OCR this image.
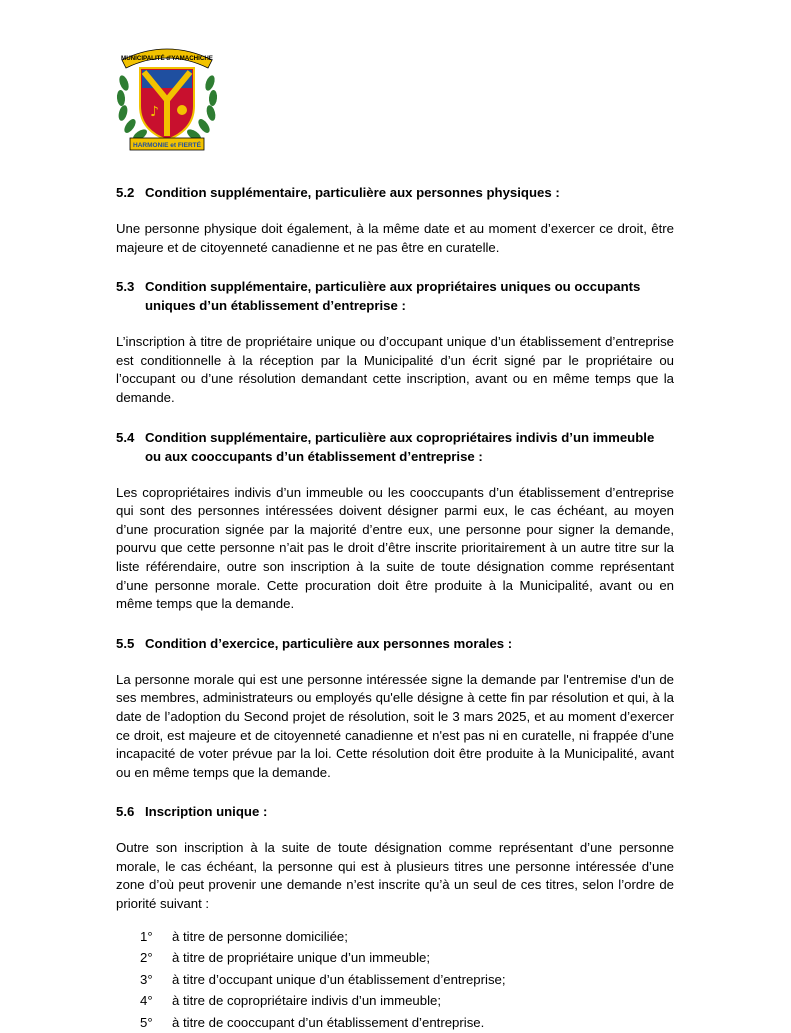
MUNICIPALITÉ d'YAMACHICHE
♪
HARMONIE et FIERTÉ
5.2 Condition supplémentaire, particulière aux personnes physiques :

Une personne physique doit également, à la même date et au moment d’exercer ce droit, être majeure et de citoyenneté canadienne et ne pas être en curatelle.

5.3 Condition supplémentaire, particulière aux propriétaires uniques ou occupants uniques d’un établissement d’entreprise :

L’inscription à titre de propriétaire unique ou d’occupant unique d’un établissement d’entreprise est conditionnelle à la réception par la Municipalité d’un écrit signé par le propriétaire ou l’occupant ou d’une résolution demandant cette inscription, avant ou en même temps que la demande.

5.4 Condition supplémentaire, particulière aux copropriétaires indivis d’un immeuble ou aux cooccupants d’un établissement d’entreprise :

Les copropriétaires indivis d’un immeuble ou les cooccupants d’un établissement d’entreprise qui sont des personnes intéressées doivent désigner parmi eux, le cas échéant, au moyen d’une procuration signée par la majorité d’entre eux, une personne pour signer la demande, pourvu que cette personne n’ait pas le droit d’être inscrite prioritairement à un autre titre sur la liste référendaire, outre son inscription à la suite de toute désignation comme représentant d’une personne morale. Cette procuration doit être produite à la Municipalité, avant ou en même temps que la demande.

5.5 Condition d’exercice, particulière aux personnes morales :

La personne morale qui est une personne intéressée signe la demande par l'entremise d'un de ses membres, administrateurs ou employés qu'elle désigne à cette fin par résolution et qui, à la date de l’adoption du Second projet de résolution, soit le 3 mars 2025, et au moment d’exercer ce droit, est majeure et de citoyenneté canadienne et n'est pas ni en curatelle, ni frappée d’une incapacité de voter prévue par la loi. Cette résolution doit être produite à la Municipalité, avant ou en même temps que la demande.

5.6 Inscription unique :

Outre son inscription à la suite de toute désignation comme représentant d’une personne morale, le cas échéant, la personne qui est à plusieurs titres une personne intéressée d’une zone d’où peut provenir une demande n’est inscrite qu’à un seul de ces titres, selon l’ordre de priorité suivant :

1°	à titre de personne domiciliée;
2°	à titre de propriétaire unique d’un immeuble;
3°	à titre d’occupant unique d’un établissement d’entreprise;
4°	à titre de copropriétaire indivis d’un immeuble;
5°	à titre de cooccupant d’un établissement d’entreprise.
